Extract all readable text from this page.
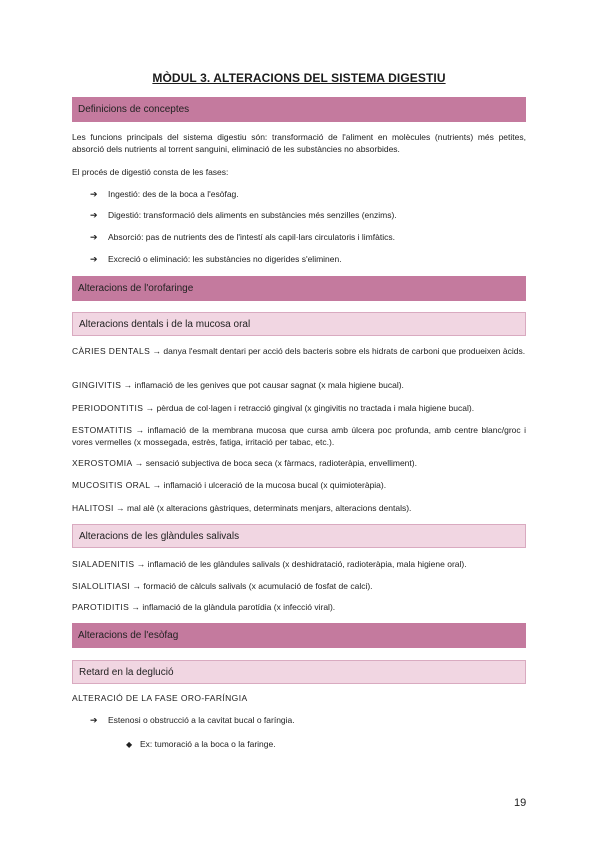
MÒDUL 3. ALTERACIONS DEL SISTEMA DIGESTIU
Definicions de conceptes
Les funcions principals del sistema digestiu són: transformació de l'aliment en molècules (nutrients) més petites, absorció dels nutrients al torrent sanguini, eliminació de les substàncies no absorbides.
El procés de digestió consta de les fases:
➔ Ingestió: des de la boca a l'esòfag.
➔ Digestió: transformació dels aliments en substàncies més senzilles (enzims).
➔ Absorció: pas de nutrients des de l'intestí als capil·lars circulatoris i limfàtics.
➔ Excreció o eliminació: les substàncies no digerides s'eliminen.
Alteracions de l'orofaringe
Alteracions dentals i de la mucosa oral
CÀRIES DENTALS → danya l'esmalt dentari per acció dels bacteris sobre els hidrats de carboni que produeixen àcids.
GINGIVITIS → inflamació de les genives que pot causar sagnat (x mala higiene bucal).
PERIODONTITIS → pèrdua de col·lagen i retracció gingival (x gingivitis no tractada i mala higiene bucal).
ESTOMATITIS → inflamació de la membrana mucosa que cursa amb úlcera poc profunda, amb centre blanc/groc i vores vermelles (x mossegada, estrès, fatiga, irritació per tabac, etc.).
XEROSTOMIA → sensació subjectiva de boca seca (x fàrmacs, radioteràpia, envelliment).
MUCOSITIS ORAL → inflamació i ulceració de la mucosa bucal (x quimioteràpia).
HALITOSI → mal alè (x alteracions gàstriques, determinats menjars, alteracions dentals).
Alteracions de les glàndules salivals
SIALADENITIS → inflamació de les glàndules salivals (x deshidratació, radioteràpia, mala higiene oral).
SIALOLITIASI → formació de càlculs salivals (x acumulació de fosfat de calci).
PAROTIDITIS → inflamació de la glàndula parotídia (x infecció viral).
Alteracions de l'esòfag
Retard en la deglució
ALTERACIÓ DE LA FASE ORO-FARÍNGIA
➔ Estenosi o obstrucció a la cavitat bucal o faríngia.
◆ Ex: tumoració a la boca o la faringe.
19
